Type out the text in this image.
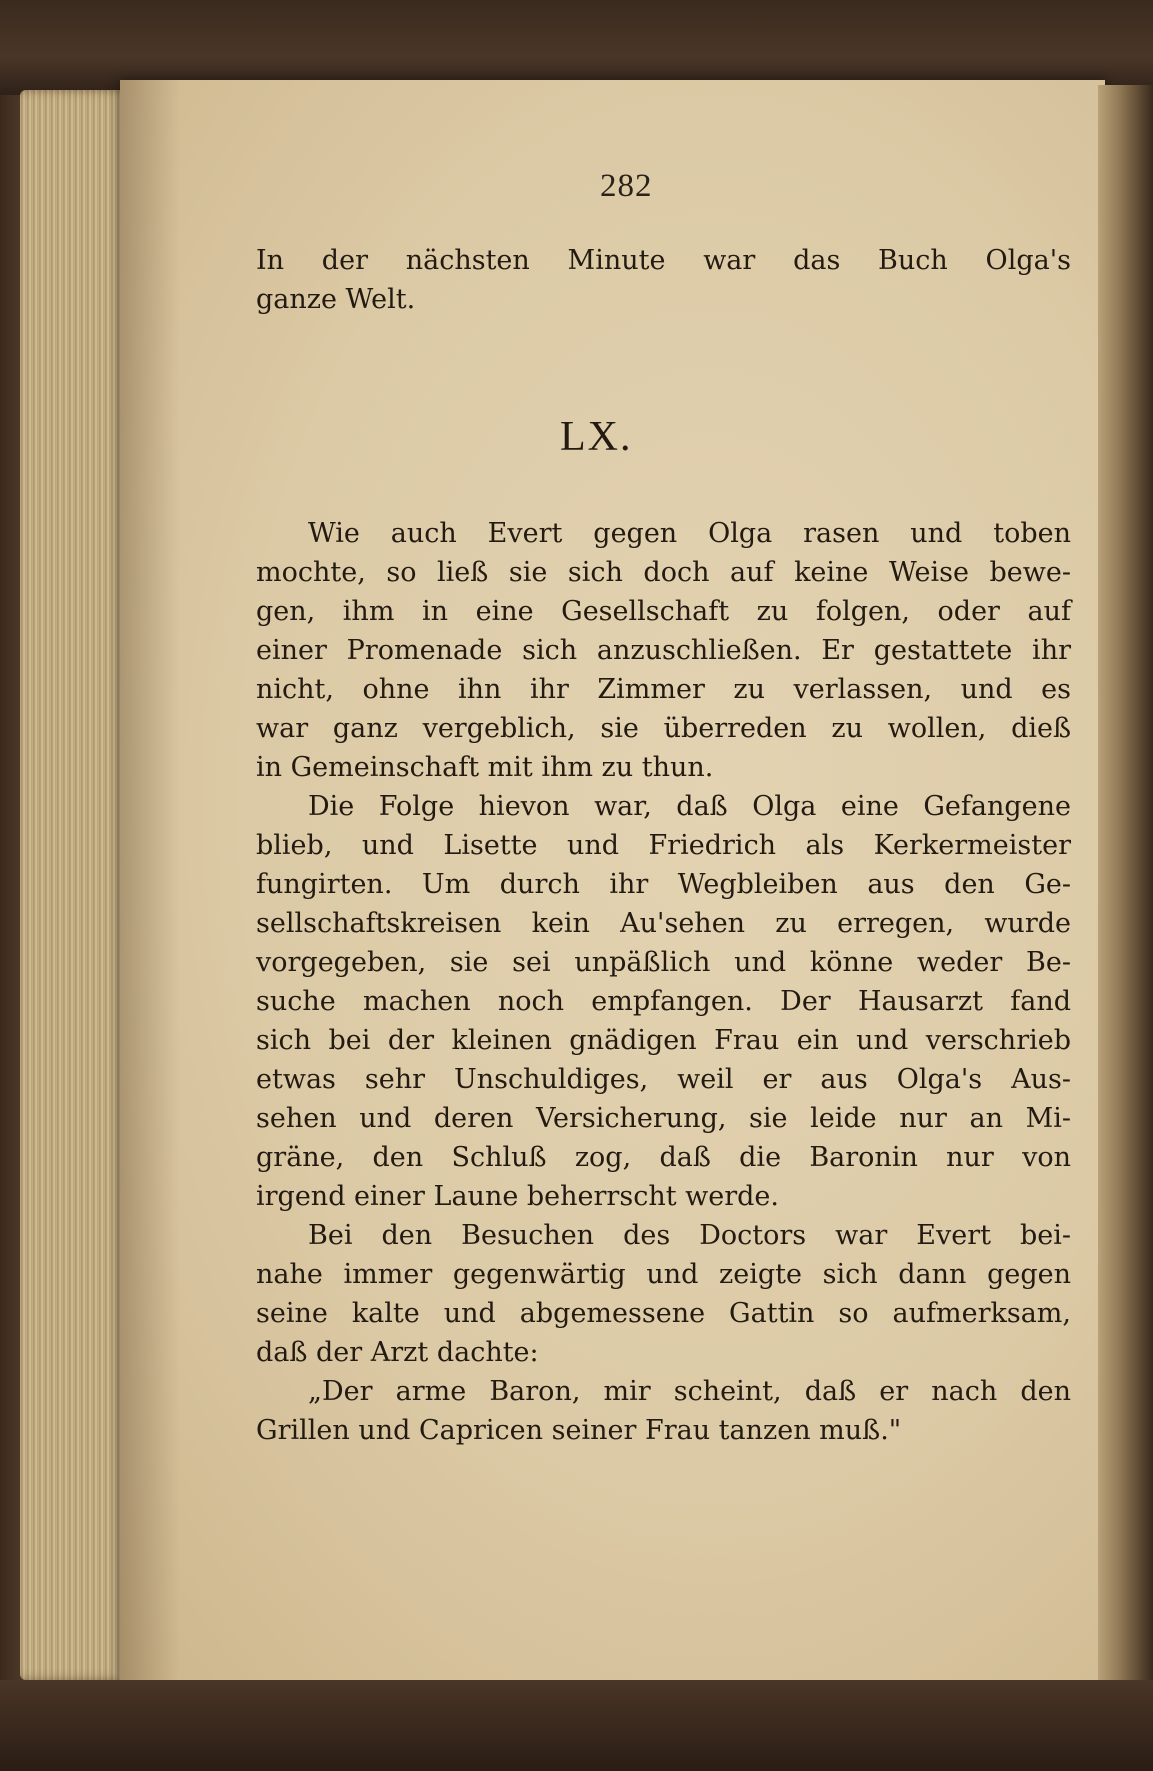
282
In der nächsten Minute war das Buch Olga's
ganze Welt.
LX.
Wie auch Evert gegen Olga rasen und toben
mochte, so ließ sie sich doch auf keine Weise bewe-
gen, ihm in eine Gesellschaft zu folgen, oder auf
einer Promenade sich anzuschließen. Er gestattete ihr
nicht, ohne ihn ihr Zimmer zu verlassen, und es
war ganz vergeblich, sie überreden zu wollen, dieß
in Gemeinschaft mit ihm zu thun.
Die Folge hievon war, daß Olga eine Gefangene
blieb, und Lisette und Friedrich als Kerkermeister
fungirten. Um durch ihr Wegbleiben aus den Ge-
sellschaftskreisen kein Au'sehen zu erregen, wurde
vorgegeben, sie sei unpäßlich und könne weder Be-
suche machen noch empfangen. Der Hausarzt fand
sich bei der kleinen gnädigen Frau ein und verschrieb
etwas sehr Unschuldiges, weil er aus Olga's Aus-
sehen und deren Versicherung, sie leide nur an Mi-
gräne, den Schluß zog, daß die Baronin nur von
irgend einer Laune beherrscht werde.
Bei den Besuchen des Doctors war Evert bei-
nahe immer gegenwärtig und zeigte sich dann gegen
seine kalte und abgemessene Gattin so aufmerksam,
daß der Arzt dachte:
„Der arme Baron, mir scheint, daß er nach den
Grillen und Capricen seiner Frau tanzen muß."
